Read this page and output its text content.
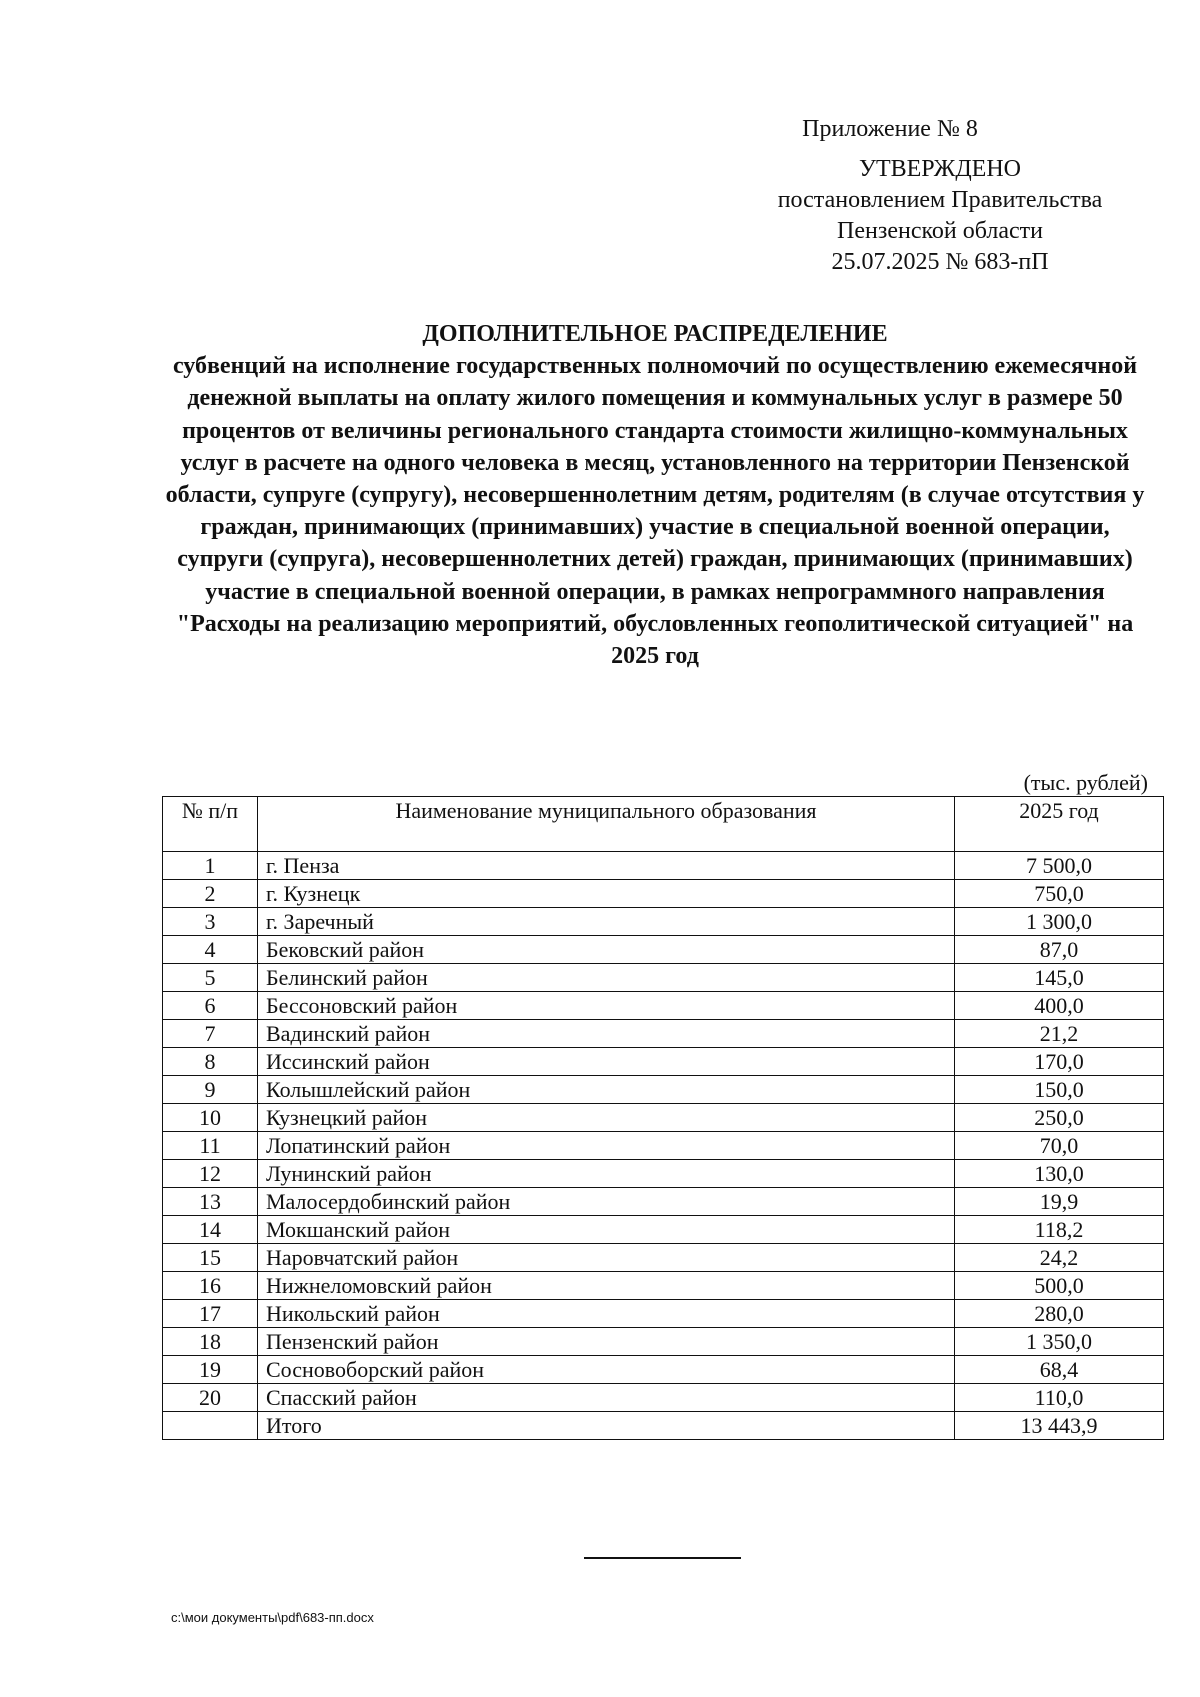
Приложение № 8
УТВЕРЖДЕНО
постановлением Правительства
Пензенской области
25.07.2025 № 683-пП
ДОПОЛНИТЕЛЬНОЕ РАСПРЕДЕЛЕНИЕ
субвенций на исполнение государственных полномочий по осуществлению ежемесячной денежной выплаты на оплату жилого помещения и коммунальных услуг в размере 50 процентов от величины регионального стандарта стоимости жилищно-коммунальных услуг в расчете на одного человека в месяц, установленного на территории Пензенской области, супруге (супругу), несовершеннолетним детям, родителям (в случае отсутствия у граждан, принимающих (принимавших) участие в специальной военной операции, супруги (супруга), несовершеннолетних детей) граждан, принимающих (принимавших) участие в специальной военной операции, в рамках непрограммного направления "Расходы на реализацию мероприятий, обусловленных геополитической ситуацией" на 2025 год
(тыс. рублей)
№ п/п	Наименование муниципального образования	2025 год
1	г. Пенза	7 500,0
2	г. Кузнецк	750,0
3	г. Заречный	1 300,0
4	Бековский район	87,0
5	Белинский район	145,0
6	Бессоновский район	400,0
7	Вадинский район	21,2
8	Иссинский район	170,0
9	Колышлейский район	150,0
10	Кузнецкий район	250,0
11	Лопатинский район	70,0
12	Лунинский район	130,0
13	Малосердобинский район	19,9
14	Мокшанский район	118,2
15	Наровчатский район	24,2
16	Нижнеломовский район	500,0
17	Никольский район	280,0
18	Пензенский район	1 350,0
19	Сосновоборский район	68,4
20	Спасский район	110,0
	Итого	13 443,9
c:\мои документы\pdf\683-пп.docx
